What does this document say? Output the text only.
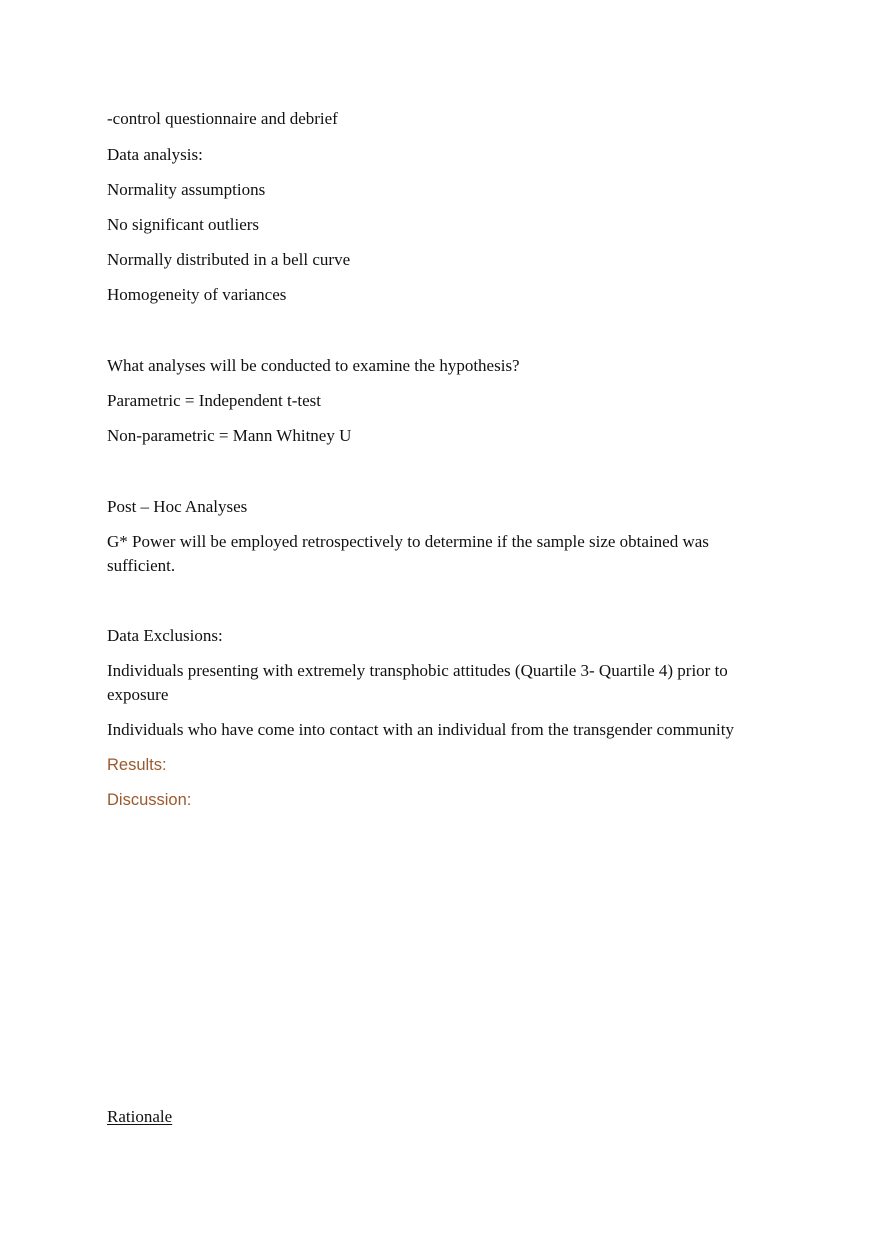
-control questionnaire and debrief
Data analysis:
Normality assumptions
No significant outliers
Normally distributed in a bell curve
Homogeneity of variances
What analyses will be conducted to examine the hypothesis?
Parametric = Independent t-test
Non-parametric = Mann Whitney U
Post – Hoc Analyses
G* Power will be employed retrospectively to determine if the sample size obtained was sufficient.
Data Exclusions:
Individuals presenting with extremely transphobic attitudes (Quartile 3- Quartile 4) prior to exposure
Individuals who have come into contact with an individual from the transgender community
Results:
Discussion:
Rationale
